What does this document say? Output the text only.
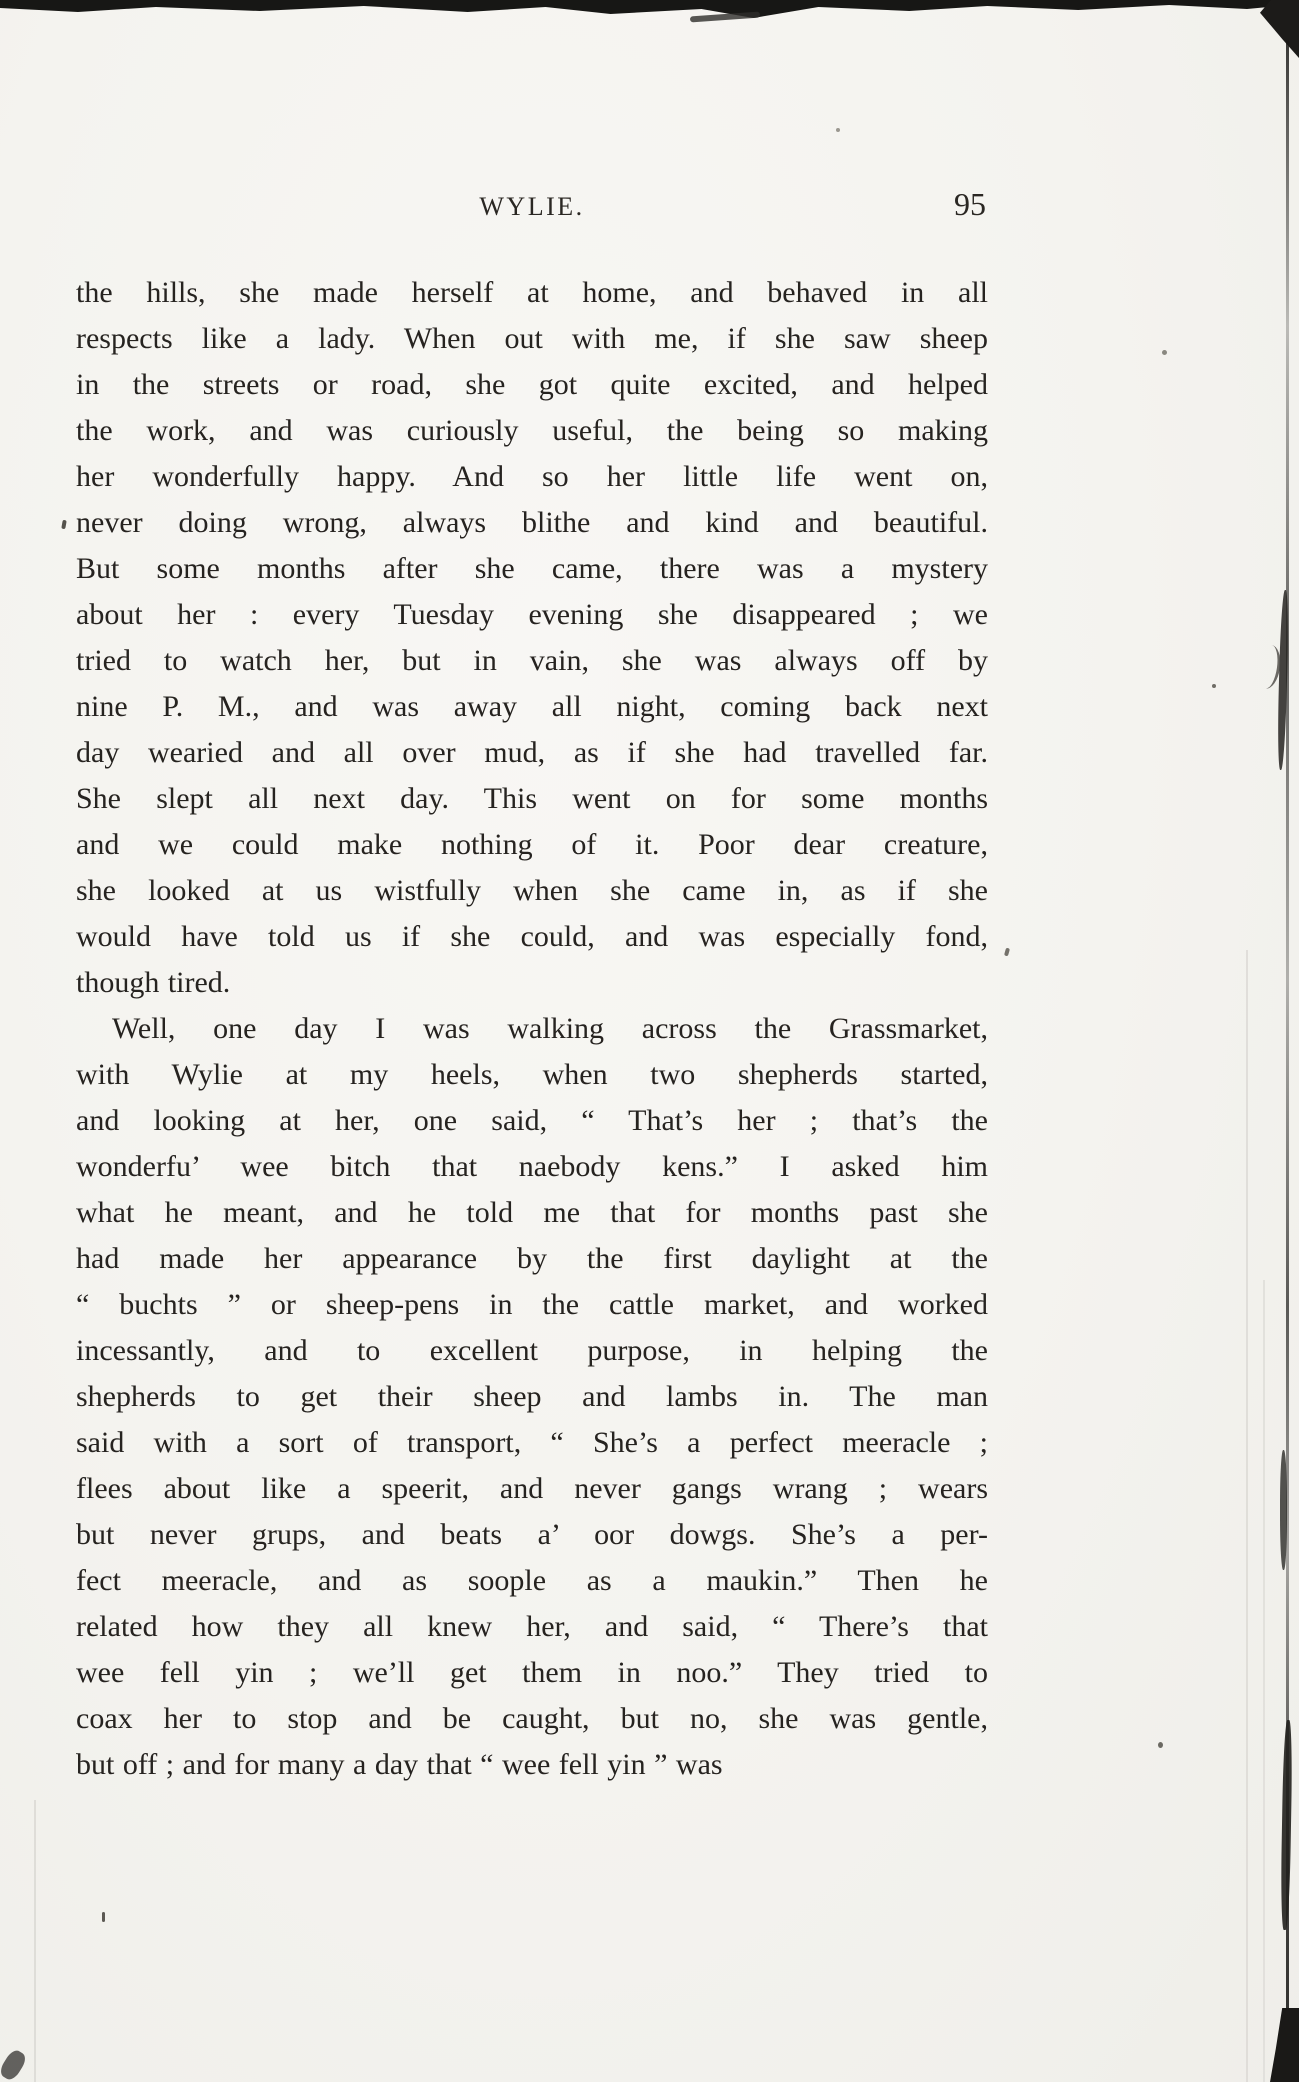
WYLIE.	95
the hills, she made herself at home, and behaved in all
respects like a lady. When out with me, if she saw sheep
in the streets or road, she got quite excited, and helped
the work, and was curiously useful, the being so making
her wonderfully happy. And so her little life went on,
never doing wrong, always blithe and kind and beautiful.
But some months after she came, there was a mystery
about her : every Tuesday evening she disappeared ; we
tried to watch her, but in vain, she was always off by
nine P. M., and was away all night, coming back next
day wearied and all over mud, as if she had travelled far.
She slept all next day. This went on for some months
and we could make nothing of it. Poor dear creature,
she looked at us wistfully when she came in, as if she
would have told us if she could, and was especially fond,
though tired.
Well, one day I was walking across the Grassmarket,
with Wylie at my heels, when two shepherds started,
and looking at her, one said, “ That’s her ; that’s the
wonderfu’ wee bitch that naebody kens.” I asked him
what he meant, and he told me that for months past she
had made her appearance by the first daylight at the
“ buchts ” or sheep-pens in the cattle market, and worked
incessantly, and to excellent purpose, in helping the
shepherds to get their sheep and lambs in. The man
said with a sort of transport, “ She’s a perfect meeracle ;
flees about like a speerit, and never gangs wrang ; wears
but never grups, and beats a’ oor dowgs. She’s a per-
fect meeracle, and as soople as a maukin.” Then he
related how they all knew her, and said, “ There’s that
wee fell yin ; we’ll get them in noo.” They tried to
coax her to stop and be caught, but no, she was gentle,
but off ; and for many a day that “ wee fell yin ” was
